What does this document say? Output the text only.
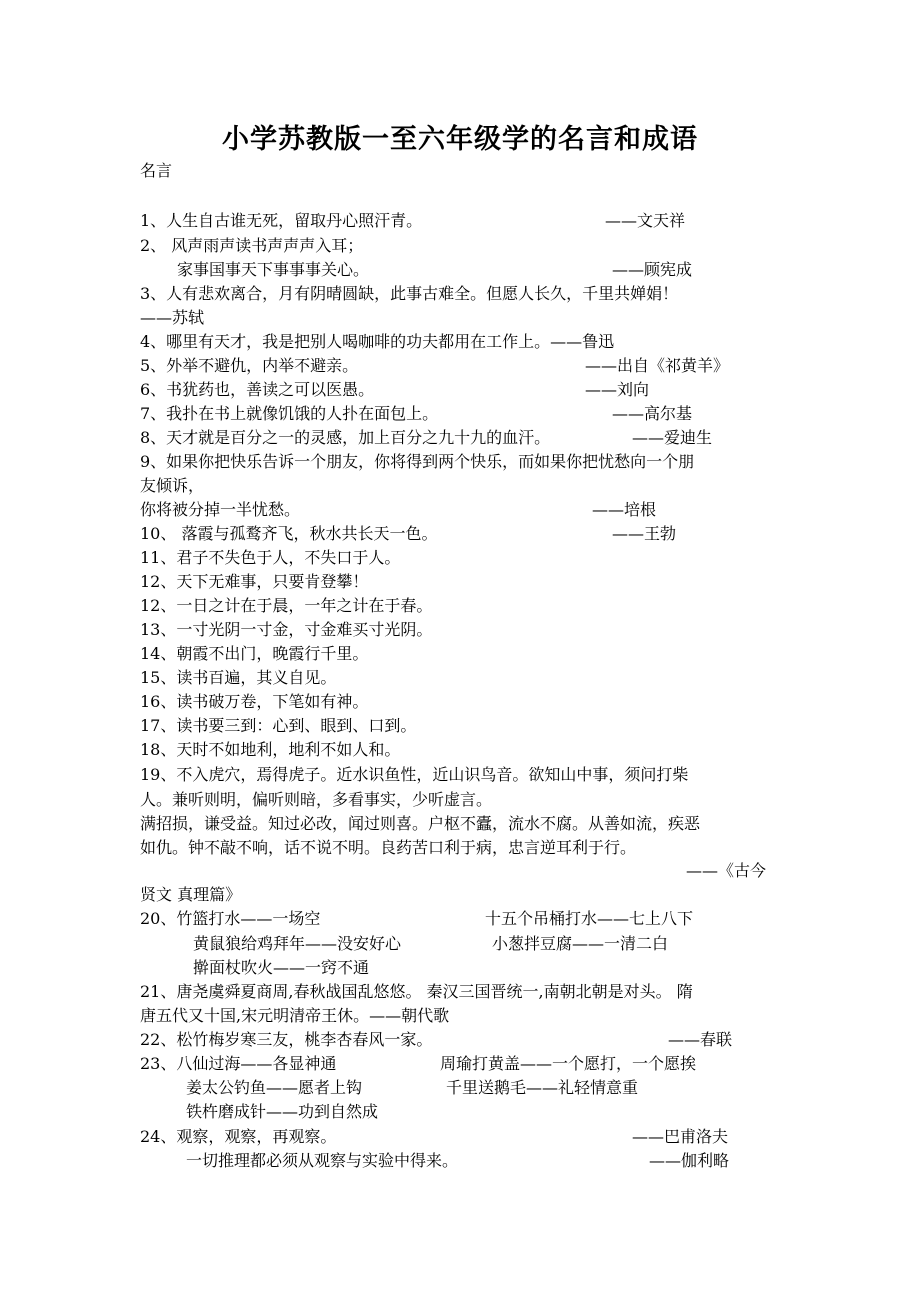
小学苏教版一至六年级学的名言和成语
名言
1、人生自古谁无死，留取丹心照汗青。	——文天祥
2、 风声雨声读书声声声入耳；
家事国事天下事事事关心。	——顾宪成
3、人有悲欢离合，月有阴晴圆缺，此事古难全。但愿人长久，千里共婵娟！
——苏轼
4、哪里有天才，我是把别人喝咖啡的功夫都用在工作上。——鲁迅
5、外举不避仇，内举不避亲。	——出自《祁黄羊》
6、书犹药也，善读之可以医愚。	——刘向
7、我扑在书上就像饥饿的人扑在面包上。	——高尔基
8、天才就是百分之一的灵感，加上百分之九十九的血汗。	——爱迪生
9、如果你把快乐告诉一个朋友，你将得到两个快乐，而如果你把忧愁向一个朋
友倾诉，
你将被分掉一半忧愁。	——培根
10、 落霞与孤鹜齐飞，秋水共长天一色。	——王勃
11、君子不失色于人，不失口于人。
12、天下无难事，只要肯登攀！
12、一日之计在于晨，一年之计在于春。
13、一寸光阴一寸金，寸金难买寸光阴。
14、朝霞不出门，晚霞行千里。
15、读书百遍，其义自见。
16、读书破万卷，下笔如有神。
17、读书要三到：心到、眼到、口到。
18、天时不如地利，地利不如人和。
19、不入虎穴，焉得虎子。近水识鱼性，近山识鸟音。欲知山中事，须问打柴
人。兼听则明，偏听则暗，多看事实，少听虚言。
满招损，谦受益。知过必改，闻过则喜。户枢不蠹，流水不腐。从善如流，疾恶
如仇。钟不敲不响，话不说不明。良药苦口利于病，忠言逆耳利于行。
——《古今
贤文 真理篇》
20、竹篮打水——一场空	十五个吊桶打水——七上八下
黄鼠狼给鸡拜年——没安好心	小葱拌豆腐——一清二白
擀面杖吹火——一窍不通
21、唐尧虞舜夏商周,春秋战国乱悠悠。 秦汉三国晋统一,南朝北朝是对头。 隋
唐五代又十国,宋元明清帝王休。——朝代歌
22、松竹梅岁寒三友，桃李杏春风一家。	——春联
23、八仙过海——各显神通	周瑜打黄盖——一个愿打，一个愿挨
姜太公钓鱼——愿者上钩	千里送鹅毛——礼轻情意重
铁杵磨成针——功到自然成
24、观察，观察，再观察。	——巴甫洛夫
一切推理都必须从观察与实验中得来。	——伽利略
